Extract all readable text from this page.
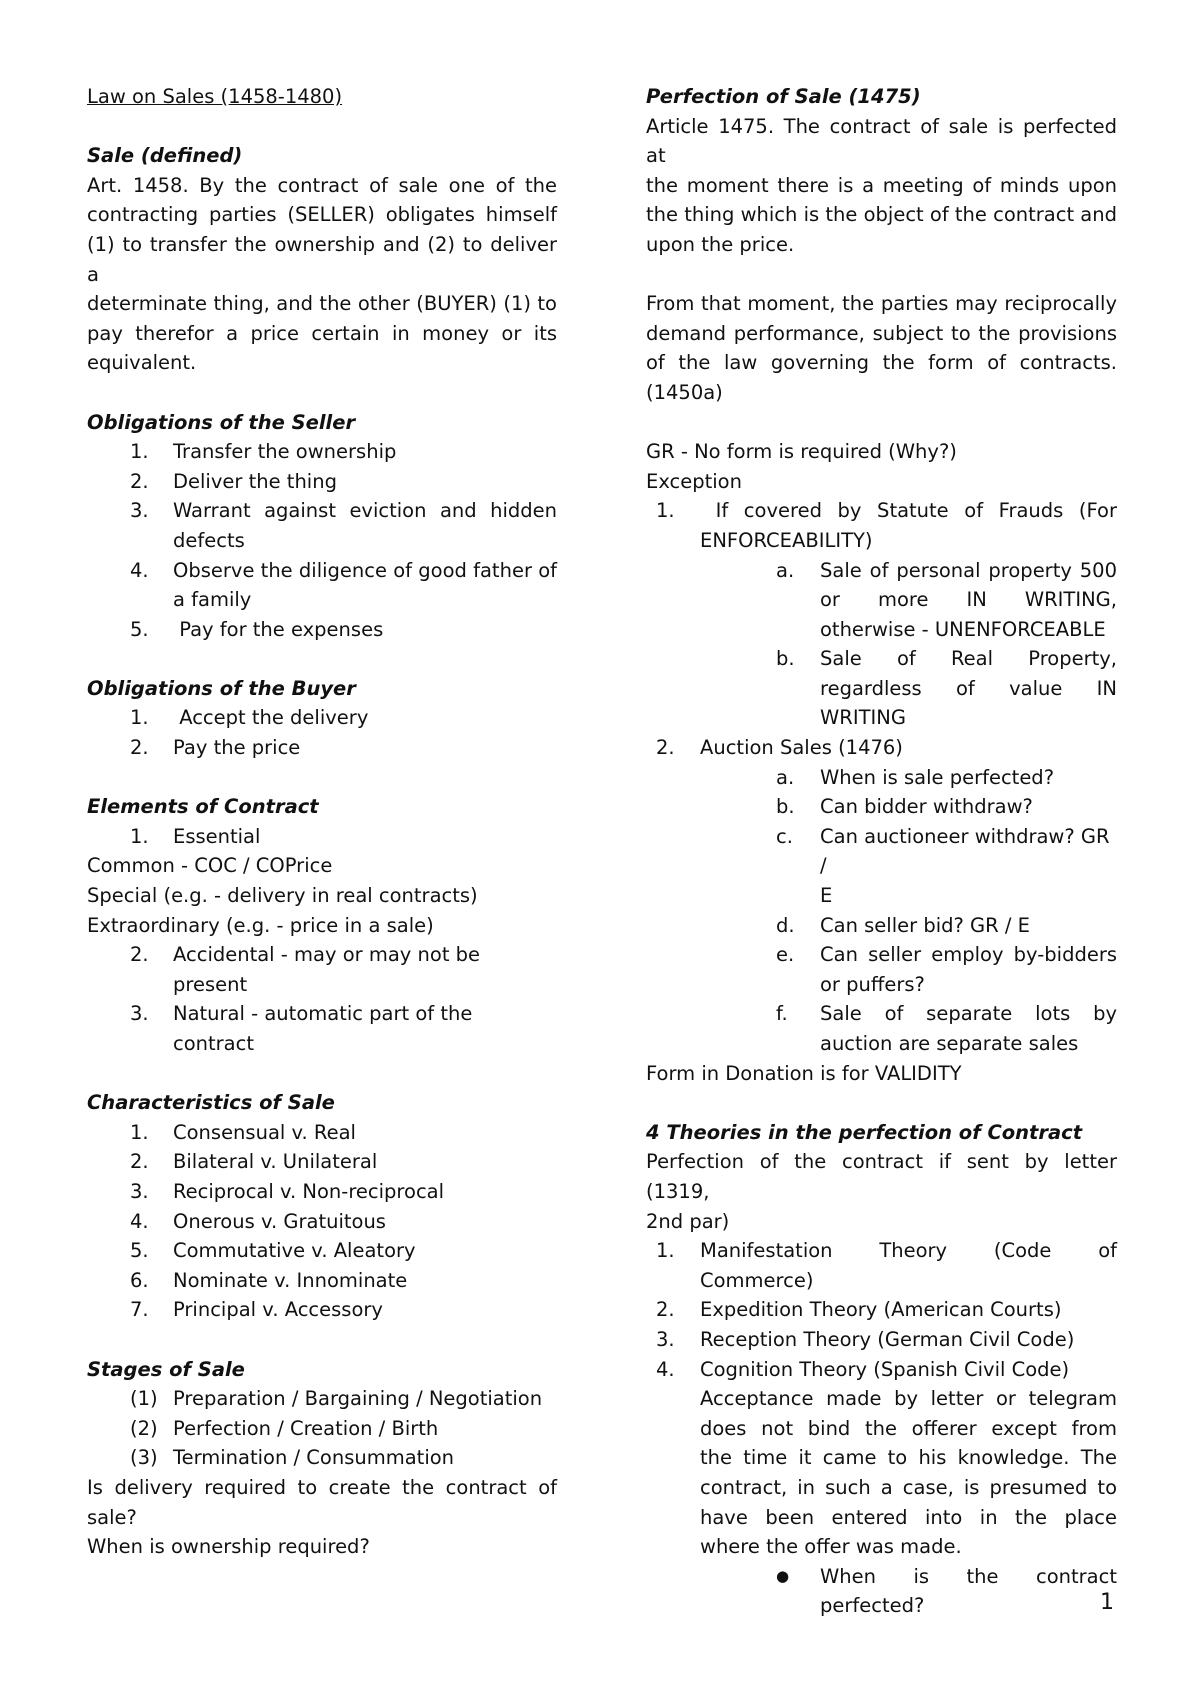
Law on Sales (1458-1480)

Sale (defined)

Art. 1458. By the contract of sale one of the

contracting parties (SELLER) obligates himself

(1) to transfer the ownership and (2) to deliver a

determinate thing, and the other (BUYER) (1) to

pay therefor a price certain in money or its

equivalent.

Obligations of the Seller

1.	Transfer the ownership
2.	Deliver the thing
3.	Warrant against eviction and hidden

defects

4.	Observe the diligence of good father of

a family

5.	Pay for the expenses

Obligations of the Buyer

1.	Accept the delivery
2.	Pay the price

Elements of Contract

1.	Essential

Common - COC / COPrice

Special (e.g. - delivery in real contracts)

Extraordinary (e.g. - price in a sale)

2.	Accidental - may or may not be present
3.	Natural - automatic part of the contract

Characteristics of Sale

1.	Consensual v. Real
2.	Bilateral v. Unilateral
3.	Reciprocal v. Non-reciprocal
4.	Onerous v. Gratuitous
5.	Commutative v. Aleatory
6.	Nominate v. Innominate
7.	Principal v. Accessory

Stages of Sale

(1) Preparation / Bargaining / Negotiation
(2) Perfection / Creation / Birth
(3) Termination / Consummation

Is delivery required to create the contract of

sale?

When is ownership required?

Perfection of Sale (1475)

Article 1475. The contract of sale is perfected at

the moment there is a meeting of minds upon

the thing which is the object of the contract and

upon the price.

From that moment, the parties may reciprocally

demand performance, subject to the provisions

of the law governing the form of contracts.

(1450a)

GR - No form is required (Why?)

Exception

1.	If covered by Statute of Frauds (For

ENFORCEABILITY)

a.	Sale of personal property 500

or more IN WRITING,

otherwise - UNENFORCEABLE

b.	Sale of Real Property,

regardless of value IN

WRITING

2.	Auction Sales (1476)
a.	When is sale perfected?

b.	Can bidder withdraw?

c.	Can auctioneer withdraw? GR /

E

d.	Can seller bid? GR / E

e.	Can seller employ by-bidders

or puffers?

f.	Sale of separate lots by

auction are separate sales

Form in Donation is for VALIDITY

4 Theories in the perfection of Contract

Perfection of the contract if sent by letter (1319,

2nd par)

1.	Manifestation Theory (Code of

Commerce)

2.	Expedition Theory (American Courts)

3.	Reception Theory (German Civil Code)

4.	Cognition Theory (Spanish Civil Code)

Acceptance made by letter or telegram

does not bind the offerer except from

the time it came to his knowledge. The

contract, in such a case, is presumed to

have been entered into in the place

where the offer was made.

●	When is the contract

perfected?	1
